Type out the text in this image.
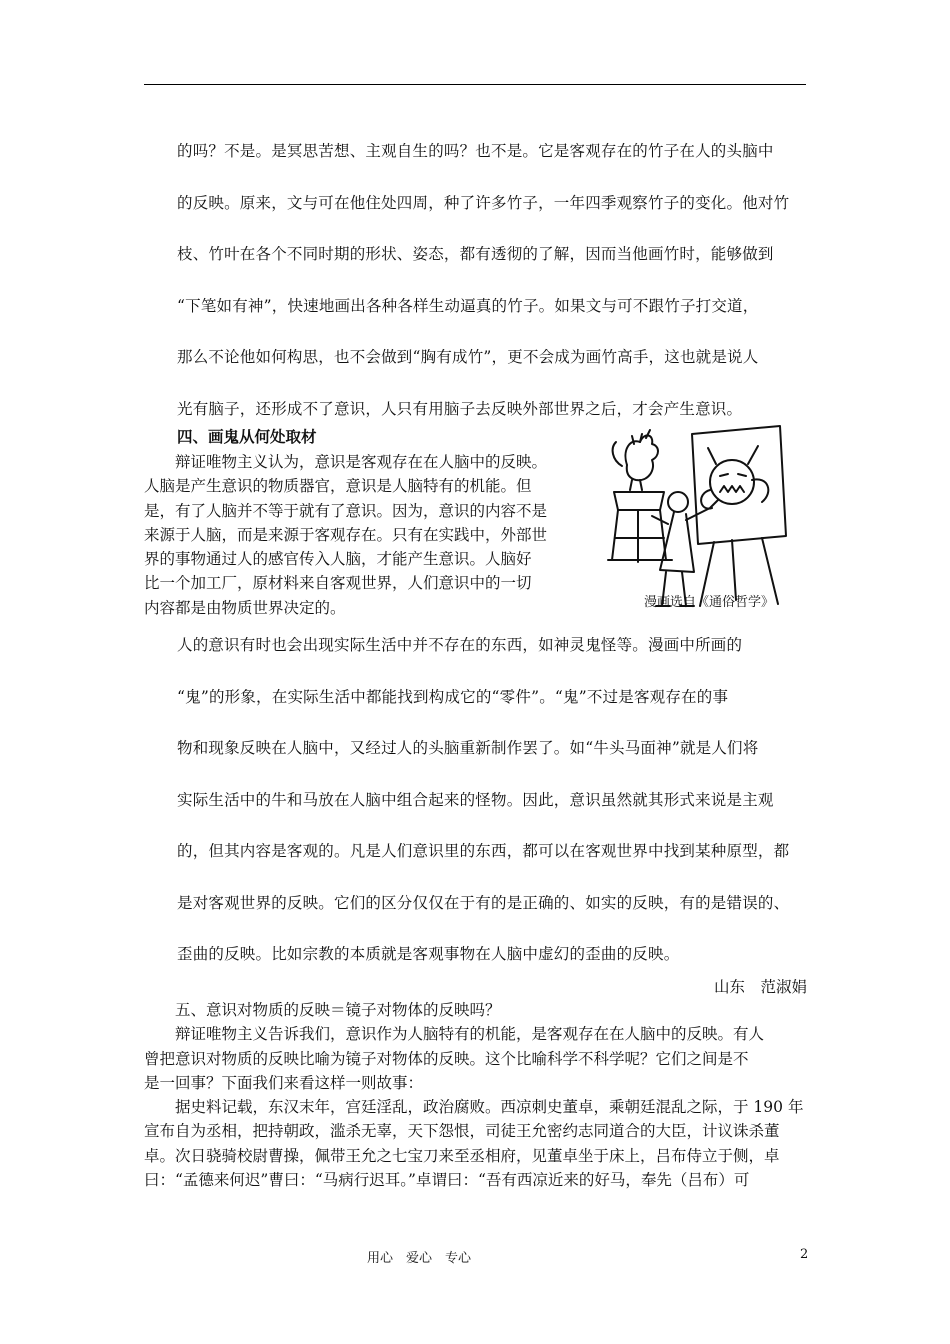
的吗？不是。是冥思苦想、主观自生的吗？也不是。它是客观存在的竹子在人的头脑中
的反映。原来，文与可在他住处四周，种了许多竹子，一年四季观察竹子的变化。他对竹
枝、竹叶在各个不同时期的形状、姿态，都有透彻的了解，因而当他画竹时，能够做到
“下笔如有神”，快速地画出各种各样生动逼真的竹子。如果文与可不跟竹子打交道，
那么不论他如何构思，也不会做到“胸有成竹”，更不会成为画竹高手，这也就是说人
光有脑子，还形成不了意识，人只有用脑子去反映外部世界之后，才会产生意识。
四、画鬼从何处取材
　　辩证唯物主义认为，意识是客观存在在人脑中的反映。
人脑是产生意识的物质器官，意识是人脑特有的机能。但
是，有了人脑并不等于就有了意识。因为，意识的内容不是
来源于人脑，而是来源于客观存在。只有在实践中，外部世
界的事物通过人的感官传入人脑，才能产生意识。人脑好
比一个加工厂，原材料来自客观世界，人们意识中的一切
内容都是由物质世界决定的。	漫画选自《通俗哲学》
人的意识有时也会出现实际生活中并不存在的东西，如神灵鬼怪等。漫画中所画的
“鬼”的形象，在实际生活中都能找到构成它的“零件”。“鬼”不过是客观存在的事
物和现象反映在人脑中，又经过人的头脑重新制作罢了。如“牛头马面神”就是人们将
实际生活中的牛和马放在人脑中组合起来的怪物。因此，意识虽然就其形式来说是主观
的，但其内容是客观的。凡是人们意识里的东西，都可以在客观世界中找到某种原型，都
是对客观世界的反映。它们的区分仅仅在于有的是正确的、如实的反映，有的是错误的、
歪曲的反映。比如宗教的本质就是客观事物在人脑中虚幻的歪曲的反映。
山东　范淑娟
　　五、意识对物质的反映＝镜子对物体的反映吗？
　　辩证唯物主义告诉我们，意识作为人脑特有的机能，是客观存在在人脑中的反映。有人
曾把意识对物质的反映比喻为镜子对物体的反映。这个比喻科学不科学呢？它们之间是不
是一回事？下面我们来看这样一则故事：
　　据史料记载，东汉末年，宫廷淫乱，政治腐败。西凉刺史董卓，乘朝廷混乱之际，于 190 年
宣布自为丞相，把持朝政，滥杀无辜，天下怨恨，司徒王允密约志同道合的大臣，计议诛杀董
卓。次日骁骑校尉曹操，佩带王允之七宝刀来至丞相府，见董卓坐于床上，吕布侍立于侧，卓
曰：“孟德来何迟”曹曰：“马病行迟耳。”卓谓曰：“吾有西凉近来的好马，奉先（吕布）可
用心　爱心　专心	2
